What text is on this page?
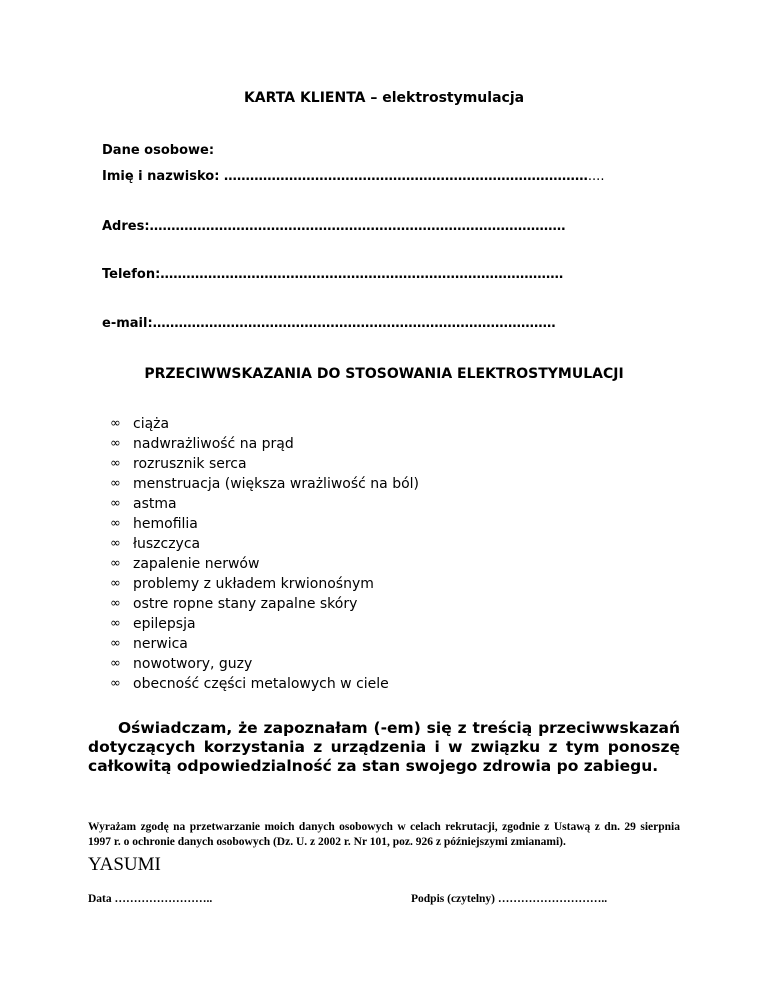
KARTA KLIENTA – elektrostymulacja
Dane osobowe:
Imię i nazwisko: …………………………………………………………………………....
Adres:……………………………………………………………………………………
Telefon:…………………………………………………………………………………
e-mail:…………………………………………………………………………………
PRZECIWWSKAZANIA DO STOSOWANIA ELEKTROSTYMULACJI
∞ ciąża
∞ nadwrażliwość na prąd
∞ rozrusznik serca
∞ menstruacja (większa wrażliwość na ból)
∞ astma
∞ hemofilia
∞ łuszczyca
∞ zapalenie nerwów
∞ problemy z układem krwionośnym
∞ ostre ropne stany zapalne skóry
∞ epilepsja
∞ nerwica
∞ nowotwory, guzy
∞ obecność części metalowych w ciele
Oświadczam, że zapoznałam (-em) się z treścią przeciwwskazań dotyczących korzystania z urządzenia i w związku z tym ponoszę całkowitą odpowiedzialność za stan swojego zdrowia po zabiegu.
Wyrażam zgodę na przetwarzanie moich danych osobowych w celach rekrutacji, zgodnie z Ustawą z dn. 29 sierpnia 1997 r. o ochronie danych osobowych (Dz. U. z 2002 r. Nr 101, poz. 926 z późniejszymi zmianami).
YASUMI
Data ……………………..	Podpis (czytelny) ………………………..
